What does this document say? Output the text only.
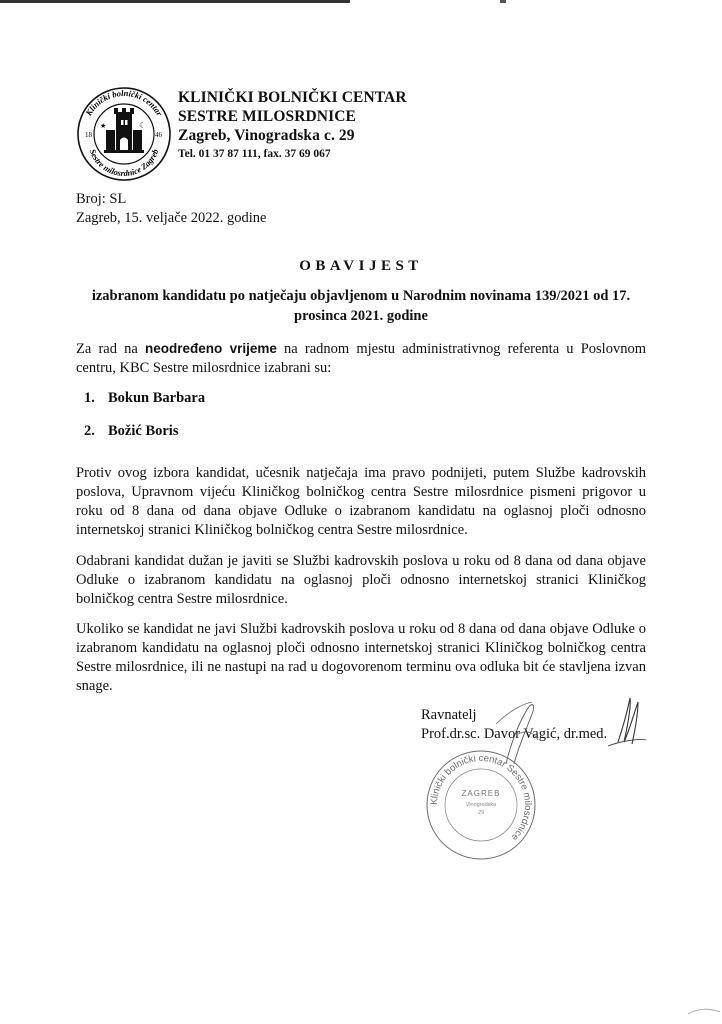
Klinički bolnički centar
Sestre milosrdnice Zagreb
18	46
★	☾
KLINIČKI BOLNIČKI CENTAR
SESTRE MILOSRDNICE
Zagreb, Vinogradska c. 29
Tel. 01 37 87 111, fax. 37 69 067
Broj: SL
Zagreb, 15. veljače 2022. godine
OBAVIJEST
izabranom kandidatu po natječaju objavljenom u Narodnim novinama 139/2021 od 17. prosinca 2021. godine

Za rad na neodređeno vrijeme na radnom mjestu administrativnog referenta u Poslovnom centru, KBC Sestre milosrdnice izabrani su:

1. Bokun Barbara
2. Božić Boris

Protiv ovog izbora kandidat, učesnik natječaja ima pravo podnijeti, putem Službe kadrovskih poslova, Upravnom vijeću Kliničkog bolničkog centra Sestre milosrdnice pismeni prigovor u roku od 8 dana od dana objave Odluke o izabranom kandidatu na oglasnoj ploči odnosno internetskoj stranici Kliničkog bolničkog centra Sestre milosrdnice.

Odabrani kandidat dužan je javiti se Službi kadrovskih poslova u roku od 8 dana od dana objave Odluke o izabranom kandidatu na oglasnoj ploči odnosno internetskoj stranici Kliničkog bolničkog centra Sestre milosrdnice.

Ukoliko se kandidat ne javi Službi kadrovskih poslova u roku od 8 dana od dana objave Odluke o izabranom kandidatu na oglasnoj ploči odnosno internetskoj stranici Kliničkog bolničkog centra Sestre milosrdnice, ili ne nastupi na rad u dogovorenom terminu ova odluka bit će stavljena izvan snage.

Ravnatelj
Prof.dr.sc. Davor Vagić, dr.med.
Klinički bolnički centar Sestre milosrdnice
ZAGREB
Vinogradska
29
